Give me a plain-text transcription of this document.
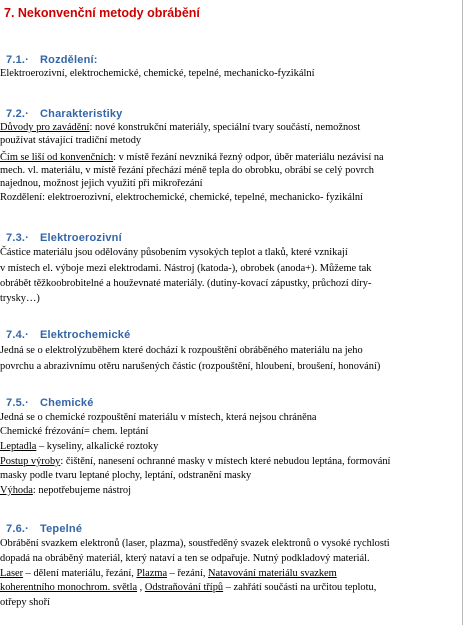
7. Nekonvenční metody obrábění
7.1.· Rozdělení:

Elektroerozivní, elektrochemické, chemické, tepelné, mechanicko-fyzikální

7.2.· Charakteristiky

Důvody pro zavádění: nové konstrukční materiály, speciální tvary součástí, nemožnost

používat stávající tradiční metody

Čím se liší od konvenčních: v místě řezání nevzniká řezný odpor, úběr materiálu nezávisí na

mech. vl. materiálu, v místě řezání přechází méně tepla do obrobku, obrábí se celý povrch

najednou, možnost jejich využití při mikrořezání

Rozdělení: elektroerozivní, elektrochemické, chemické, tepelné, mechanicko- fyzikální

7.3.· Elektroerozivní

Částice materiálu jsou odělovány působením vysokých teplot a tlaků, které vznikají

v místech el. výboje mezi elektrodami. Nástroj (katoda-), obrobek (anoda+). Můžeme tak

obrábět těžkoobrobitelné a houževnaté materiály. (dutiny-kovací zápustky, průchozí díry-

trysky…)

7.4.· Elektrochemické

Jedná se o elektrolýzuběhem které dochází k rozpouštění obráběného materiálu na jeho

povrchu a abrazivnímu otěru narušených částic (rozpouštění, hloubení, broušení, honování)

7.5.· Chemické

Jedná se o chemické rozpouštění materiálu v místech, která nejsou chráněna

Chemické frézování= chem. leptání

Leptadla – kyseliny, alkalické roztoky

Postup výroby: čištění, nanesení ochranné masky v místech které nebudou leptána, formování

masky podle tvaru leptané plochy, leptání, odstranění masky

Výhoda: nepotřebujeme nástroj

7.6.· Tepelné

Obrábění svazkem elektronů (laser, plazma), soustředěný svazek elektronů o vysoké rychlosti

dopadá na obráběný materiál, který nataví a ten se odpařuje. Nutný podkladový materiál.

Laser – dělení materiálu, řezání, Plazma – řezání, Natavování materiálu svazkem

koherentního monochrom. světla , Odstraňování třípů – zahřátí součásti na určitou teplotu,

otřepy shoří
